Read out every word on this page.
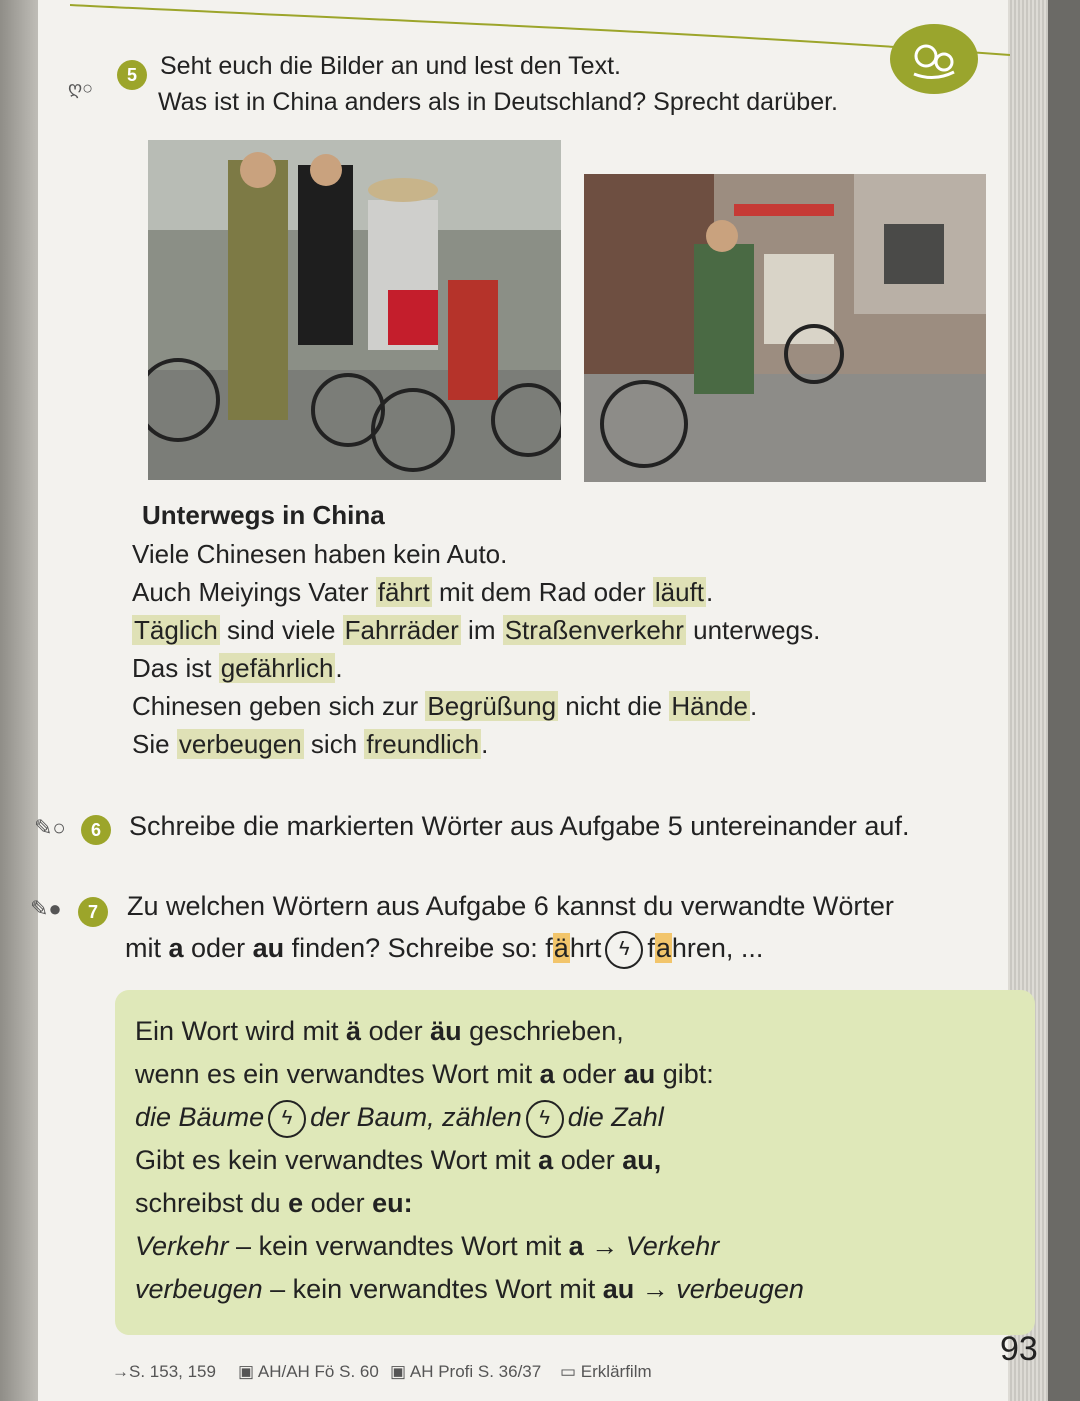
ღ○
5 Seht euch die Bilder an und lest den Text.
Was ist in China anders als in Deutschland? Sprecht darüber.
Unterwegs in China
Viele Chinesen haben kein Auto.
Auch Meiyings Vater fährt mit dem Rad oder läuft.
Täglich sind viele Fahrräder im Straßenverkehr unterwegs.
Das ist gefährlich.
Chinesen geben sich zur Begrüßung nicht die Hände.
Sie verbeugen sich freundlich.
✎○	6	Schreibe die markierten Wörter aus Aufgabe 5 untereinander auf.
✎●	7	Zu welchen Wörtern aus Aufgabe 6 kannst du verwandte Wörter
mit a oder au finden? Schreibe so: fährt ϟ fahren, ...
Ein Wort wird mit ä oder äu geschrieben,
wenn es ein verwandtes Wort mit a oder au gibt:
die Bäume ϟ der Baum, zählen ϟ die Zahl
Gibt es kein verwandtes Wort mit a oder au,
schreibst du e oder eu:
Verkehr – kein verwandtes Wort mit a → Verkehr
verbeugen – kein verwandtes Wort mit au → verbeugen
→S. 153, 159 ▣ AH/AH Fö S. 60 ▣ AH Profi S. 36/37 ▭ Erklärfilm
93
